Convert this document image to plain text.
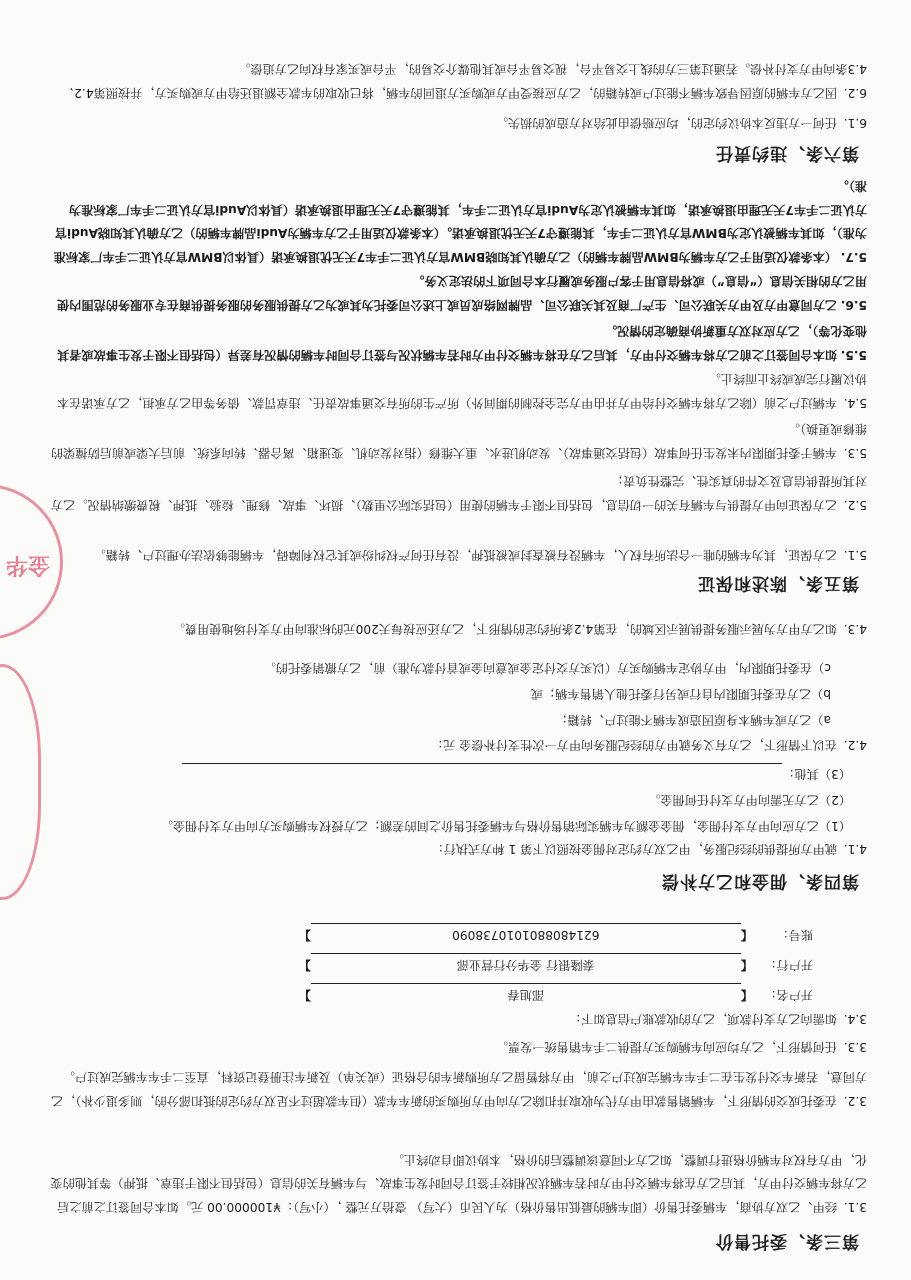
第三条、委托售价
3.1.经甲、乙双方协商，车辆委托售价（即车辆的最低出售价格）为人民币（大写） 壹拾万元整 ，（小写）：¥100000.00 元。如本合同签订之前之后乙方将车辆交付甲方，其后乙方在将车辆交付甲方时若车辆状况相较于签订合同时发生事故、与车辆有关的信息（包括但不限于违章、抵押）等其他的变化，甲方有权对车辆价格进行调整，如乙方不同意该调整后的价格，本协议即自动终止。
3.2.在委托成交的情形下，车辆销售款由甲方代为收取并扣除乙方向甲方所购买的新车车款（但车款超过不足双方约定的抵扣部分的，则多退少补），乙方同意，若新车交付发生在二手车车辆完成过户之前，甲方将暂留乙方所购新车的合格证（或关单）及新车注册登记资料，直至二手车车辆完成过户。
3.3.任何情形下，乙方均应向车辆购买方提供二手车销售统一发票。
3.4.如需向乙方支付款项，乙方的收款账户信息如下：
开户名：【邵旭春】
开户行：【泰隆银行 金华分行营业部】
账号：【6214808801010738090】
第四条、佣金和乙方补偿
4.1.就甲方所提供的经纪服务，甲乙双方约定对佣金按照以下第 1 种方式执行：
（1）乙方应向甲方支付佣金，佣金金额为车辆实际销售价格与车辆委托售价之间的差额；乙方授权车辆购买方向甲方支付佣金。
（2）乙方无需向甲方支付任何佣金。
（3）其他：
4.2.在以下情形下，乙方有义务就甲方的经纪服务向甲方一次性支付补偿金 元：
a）乙方或车辆本身原因造成车辆不能过户、转籍；
b）乙方在委托期限内自行或另行委托他人销售车辆；或
c）在委托期限内，甲方协定车辆购买方（以买方交付定金或意向金或首付款为准）前，乙方撤销委托的。
4.3.如乙方甲方为展示服务提供展示区域的，在第4.2条所约定的情形下，乙方还应按每天200元的标准向甲方支付场地使用费。
第五条、陈述和保证
5.1.乙方保证，其为车辆的唯一合法所有权人，车辆没有被查封或被抵押，没有任何产权纠纷或其它权利障碍，车辆能够依法办理过户、转籍。
5.2.乙方保证向甲方提供与车辆有关的一切信息，包括但不限于车辆的使用（包括实际公里数）、损坏、事故、修理、检验、抵押、税费缴纳情况。乙方对其所提供信息及文件的真实性、完整性负责；
5.3.车辆于委托期限内未发生任何事故（包括交通事故）、发动机进水、重大维修（指对发动机、变速箱、离合器、转向系统、前后大梁或前后防撞梁的维修或更换）。
5.4.车辆过户之前（除乙方将车辆交付给甲方并由甲方完全控制的期间外）所产生的所有交通事故责任、违章罚款、债务等由乙方承担，乙方承诺在本协议履行完成或终止而终止。
5.5.如本合同签订之前乙方将车辆交付甲方，其后乙方在将车辆交付甲方时若车辆状况与签订合同时车辆的情况有差异（包括但不限于发生事故或者其他变化等），乙方应对双方重新协商确定的情况。
5.6.乙方同意甲方及甲方关联公司、生产厂商及其关联公司、品牌网络成员或上述公司委托为其或为乙方提供服务的服务提供商在专业服务的范围内使用乙方的相关信息（“信息”）或将信息用于客户服务或履行本合同项下的法定义务。
5.7.（本条款仅适用于乙方车辆为BMW品牌车辆的）乙方确认其知晓BMW官方认证二手车7天无忧退换承诺（具体以BMW官方认证二手车厂家标准为准），如其车辆被认定为BMW官方认证二手车，其能遵守7天无忧退换承诺。（本条款仅适用于乙方车辆为Audi品牌车辆的）乙方确认其知晓Audi官方认证二手车7天无理由退换承诺，如其车辆被认定为Audi官方认证二手车，其能遵守7天无理由退换承诺（具体以Audi官方认证二手车厂家标准为准）。
第六条、违约责任
6.1.任何一方违反本协议约定的，均应赔偿由此给对方造成的损失。
6.2.因乙方车辆的原因导致车辆不能过户或转籍的，乙方应接受甲方或购买方退回的车辆，将已收取的车款全额退还给甲方或购买方，并按照第4.2、4.3条向甲方支付补偿。若通过第三方的线上交易平台，视交易平台或其他媒介交易的，平台或买家有权向乙方追偿。
金华
